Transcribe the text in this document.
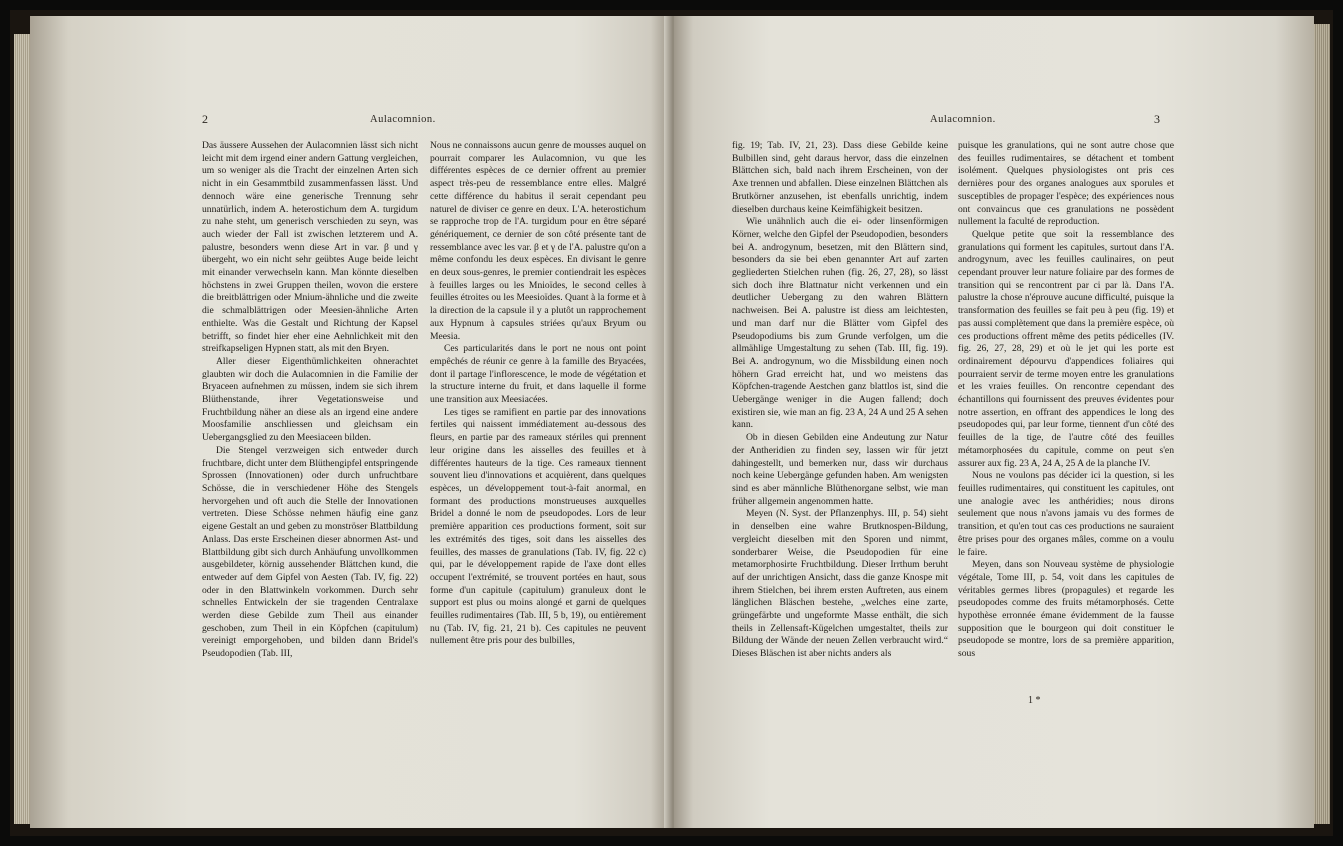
2	Aulacomnion.

Das äussere Aussehen der Aulacomnien lässt sich nicht leicht mit dem irgend einer andern Gattung vergleichen, um so weniger als die Tracht der einzelnen Arten sich nicht in ein Gesammtbild zusammenfassen lässt. Und dennoch wäre eine generische Trennung sehr unnatürlich, indem A. heterostichum dem A. turgidum zu nahe steht, um generisch verschieden zu seyn, was auch wieder der Fall ist zwischen letzterem und A. palustre, besonders wenn diese Art in var. β und γ übergeht, wo ein nicht sehr geübtes Auge beide leicht mit einander verwechseln kann. Man könnte dieselben höchstens in zwei Gruppen theilen, wovon die erstere die breitblättrigen oder Mnium-ähnliche und die zweite die schmalblättrigen oder Meesien-ähnliche Arten enthielte. Was die Gestalt und Richtung der Kapsel betrifft, so findet hier eher eine Aehnlichkeit mit den streifkapseligen Hypnen statt, als mit den Bryen.

Aller dieser Eigenthümlichkeiten ohnerachtet glaubten wir doch die Aulacomnien in die Familie der Bryaceen aufnehmen zu müssen, indem sie sich ihrem Blüthenstande, ihrer Vegetationsweise und Fruchtbildung näher an diese als an irgend eine andere Moosfamilie anschliessen und gleichsam ein Uebergangsglied zu den Meesiaceen bilden.

Die Stengel verzweigen sich entweder durch fruchtbare, dicht unter dem Blüthengipfel entspringende Sprossen (Innovationen) oder durch unfruchtbare Schösse, die in verschiedener Höhe des Stengels hervorgehen und oft auch die Stelle der Innovationen vertreten. Diese Schösse nehmen häufig eine ganz eigene Gestalt an und geben zu monströser Blattbildung Anlass. Das erste Erscheinen dieser abnormen Ast- und Blattbildung gibt sich durch Anhäufung unvollkommen ausgebildeter, körnig aussehender Blättchen kund, die entweder auf dem Gipfel von Aesten (Tab. IV, fig. 22) oder in den Blattwinkeln vorkommen. Durch sehr schnelles Entwickeln der sie tragenden Centralaxe werden diese Gebilde zum Theil aus einander geschoben, zum Theil in ein Köpfchen (capitulum) vereinigt emporgehoben, und bilden dann Bridel's Pseudopodien (Tab. III,

Nous ne connaissons aucun genre de mousses auquel on pourrait comparer les Aulacomnion, vu que les différentes espèces de ce dernier offrent au premier aspect très-peu de ressemblance entre elles. Malgré cette différence du habitus il serait cependant peu naturel de diviser ce genre en deux. L'A. heterostichum se rapproche trop de l'A. turgidum pour en être séparé génériquement, ce dernier de son côté présente tant de ressemblance avec les var. β et γ de l'A. palustre qu'on a même confondu les deux espèces. En divisant le genre en deux sous-genres, le premier contiendrait les espèces à feuilles larges ou les Mnioïdes, le second celles à feuilles étroites ou les Meesioïdes. Quant à la forme et à la direction de la capsule il y a plutôt un rapprochement aux Hypnum à capsules striées qu'aux Bryum ou Meesia.

Ces particularités dans le port ne nous ont point empêchés de réunir ce genre à la famille des Bryacées, dont il partage l'inflorescence, le mode de végétation et la structure interne du fruit, et dans laquelle il forme une transition aux Meesiacées.

Les tiges se ramifient en partie par des innovations fertiles qui naissent immédiatement au-dessous des fleurs, en partie par des rameaux stériles qui prennent leur origine dans les aisselles des feuilles et à différentes hauteurs de la tige. Ces rameaux tiennent souvent lieu d'innovations et acquièrent, dans quelques espèces, un développement tout-à-fait anormal, en formant des productions monstrueuses auxquelles Bridel a donné le nom de pseudopodes. Lors de leur première apparition ces productions forment, soit sur les extrémités des tiges, soit dans les aisselles des feuilles, des masses de granulations (Tab. IV, fig. 22 c) qui, par le développement rapide de l'axe dont elles occupent l'extrémité, se trouvent portées en haut, sous forme d'un capitule (capitulum) granuleux dont le support est plus ou moins alongé et garni de quelques feuilles rudimentaires (Tab. III, 5 b, 19), ou entièrement nu (Tab. IV, fig. 21, 21 b). Ces capitules ne peuvent nullement être pris pour des bulbilles,

Aulacomnion.	3

fig. 19; Tab. IV, 21, 23). Dass diese Gebilde keine Bulbillen sind, geht daraus hervor, dass die einzelnen Blättchen sich, bald nach ihrem Erscheinen, von der Axe trennen und abfallen. Diese einzelnen Blättchen als Brutkörner anzusehen, ist ebenfalls unrichtig, indem dieselben durchaus keine Keimfähigkeit besitzen.

Wie unähnlich auch die ei- oder linsenförmigen Körner, welche den Gipfel der Pseudopodien, besonders bei A. androgynum, besetzen, mit den Blättern sind, besonders da sie bei eben genannter Art auf zarten gegliederten Stielchen ruhen (fig. 26, 27, 28), so lässt sich doch ihre Blattnatur nicht verkennen und ein deutlicher Uebergang zu den wahren Blättern nachweisen. Bei A. palustre ist diess am leichtesten, und man darf nur die Blätter vom Gipfel des Pseudopodiums bis zum Grunde verfolgen, um die allmählige Umgestaltung zu sehen (Tab. III, fig. 19). Bei A. androgynum, wo die Missbildung einen noch höhern Grad erreicht hat, und wo meistens das Köpfchen-tragende Aestchen ganz blattlos ist, sind die Uebergänge weniger in die Augen fallend; doch existiren sie, wie man an fig. 23 A, 24 A und 25 A sehen kann.

Ob in diesen Gebilden eine Andeutung zur Natur der Antheridien zu finden sey, lassen wir für jetzt dahingestellt, und bemerken nur, dass wir durchaus noch keine Uebergänge gefunden haben. Am wenigsten sind es aber männliche Blüthenorgane selbst, wie man früher allgemein angenommen hatte.

Meyen (N. Syst. der Pflanzenphys. III, p. 54) sieht in denselben eine wahre Brutknospen-Bildung, vergleicht dieselben mit den Sporen und nimmt, sonderbarer Weise, die Pseudopodien für eine metamorphosirte Fruchtbildung. Dieser Irrthum beruht auf der unrichtigen Ansicht, dass die ganze Knospe mit ihrem Stielchen, bei ihrem ersten Auftreten, aus einem länglichen Bläschen bestehe, „welches eine zarte, grüngefärbte und ungeformte Masse enthält, die sich theils in Zellensaft-Kügelchen umgestaltet, theils zur Bildung der Wände der neuen Zellen verbraucht wird.“ Dieses Bläschen ist aber nichts anders als

puisque les granulations, qui ne sont autre chose que des feuilles rudimentaires, se détachent et tombent isolément. Quelques physiologistes ont pris ces dernières pour des organes analogues aux sporules et susceptibles de propager l'espèce; des expériences nous ont convaincus que ces granulations ne possèdent nullement la faculté de reproduction.

Quelque petite que soit la ressemblance des granulations qui forment les capitules, surtout dans l'A. androgynum, avec les feuilles caulinaires, on peut cependant prouver leur nature foliaire par des formes de transition qui se rencontrent par ci par là. Dans l'A. palustre la chose n'éprouve aucune difficulté, puisque la transformation des feuilles se fait peu à peu (fig. 19) et pas aussi complètement que dans la première espèce, où ces productions offrent même des petits pédicelles (IV. fig. 26, 27, 28, 29) et où le jet qui les porte est ordinairement dépourvu d'appendices foliaires qui pourraient servir de terme moyen entre les granulations et les vraies feuilles. On rencontre cependant des échantillons qui fournissent des preuves évidentes pour notre assertion, en offrant des appendices le long des pseudopodes qui, par leur forme, tiennent d'un côté des feuilles de la tige, de l'autre côté des feuilles métamorphosées du capitule, comme on peut s'en assurer aux fig. 23 A, 24 A, 25 A de la planche IV.

Nous ne voulons pas décider ici la question, si les feuilles rudimentaires, qui constituent les capitules, ont une analogie avec les anthéridies; nous dirons seulement que nous n'avons jamais vu des formes de transition, et qu'en tout cas ces productions ne sauraient être prises pour des organes mâles, comme on a voulu le faire.

Meyen, dans son Nouveau système de physiologie végétale, Tome III, p. 54, voit dans les capitules de véritables germes libres (propagules) et regarde les pseudopodes comme des fruits métamorphosés. Cette hypothèse erronnée émane évidemment de la fausse supposition que le bourgeon qui doit constituer le pseudopode se montre, lors de sa première apparition, sous

1 *
